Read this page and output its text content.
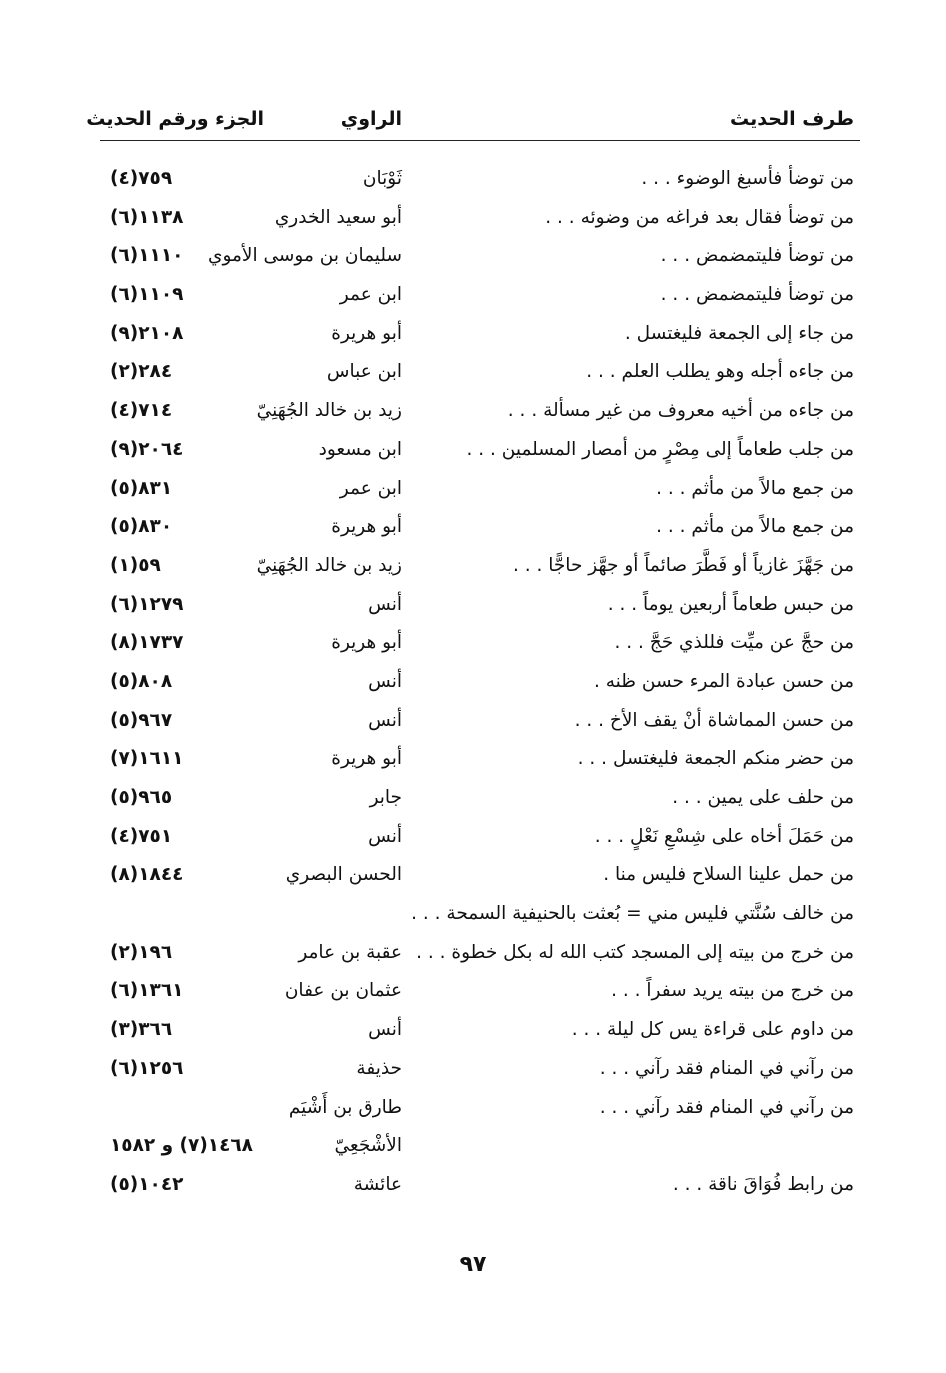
طرف الحديث
الراوي
الجزء ورقم الحديث
من توضأ فأسبغ الوضوء . . .
ثَوْبَان
٧٥٩(٤)
من توضأ فقال بعد فراغه من وضوئه . . .
أبو سعيد الخدري
١١٣٨(٦)
من توضأ فليتمضمض . . .
سليمان بن موسى الأموي
١١١٠(٦)
من توضأ فليتمضمض . . .
ابن عمر
١١٠٩(٦)
من جاء إلى الجمعة فليغتسل .
أبو هريرة
٢١٠٨(٩)
من جاءه أجله وهو يطلب العلم . . .
ابن عباس
٢٨٤(٢)
من جاءه من أخيه معروف من غير مسألة . . .
زيد بن خالد الجُهَنِيّ
٧١٤(٤)
من جلب طعاماً إلى مِصْرٍ من أمصار المسلمين . . .
ابن مسعود
٢٠٦٤(٩)
من جمع مالاً من مأثم . . .
ابن عمر
٨٣١(٥)
من جمع مالاً من مأثم . . .
أبو هريرة
٨٣٠(٥)
من جَهَّزَ غازياً أو فَطَّرَ صائماً أو جهَّز حاجًّا . . .
زيد بن خالد الجُهَنِيّ
٥٩(١)
من حبس طعاماً أربعين يوماً . . .
أنس
١٢٧٩(٦)
من حجَّ عن ميِّت فللذي حَجَّ . . .
أبو هريرة
١٧٣٧(٨)
من حسن عبادة المرء حسن ظنه .
أنس
٨٠٨(٥)
من حسن المماشاة أنْ يقف الأخ . . .
أنس
٩٦٧(٥)
من حضر منكم الجمعة فليغتسل . . .
أبو هريرة
١٦١١(٧)
من حلف على يمين . . .
جابر
٩٦٥(٥)
من حَمَلَ أخاه على شِسْعِ نَعْلٍ . . .
أنس
٧٥١(٤)
من حمل علينا السلاح فليس منا .
الحسن البصري
١٨٤٤(٨)
من خالف سُنَّتي فليس مني = بُعثت بالحنيفية السمحة . . .
من خرج من بيته إلى المسجد كتب الله له بكل خطوة . . .
عقبة بن عامر
١٩٦(٢)
من خرج من بيته يريد سفراً . . .
عثمان بن عفان
١٣٦١(٦)
من داوم على قراءة يس كل ليلة . . .
أنس
٣٦٦(٣)
من رآني في المنام فقد رآني . . .
حذيفة
١٢٥٦(٦)
من رآني في المنام فقد رآني . . .
طارق بن أَشْيَم
الأشْجَعِيّ
١٤٦٨(٧) و ١٥٨٢
من رابط فُوَاقَ ناقة . . .
عائشة
١٠٤٢(٥)
٩٧
